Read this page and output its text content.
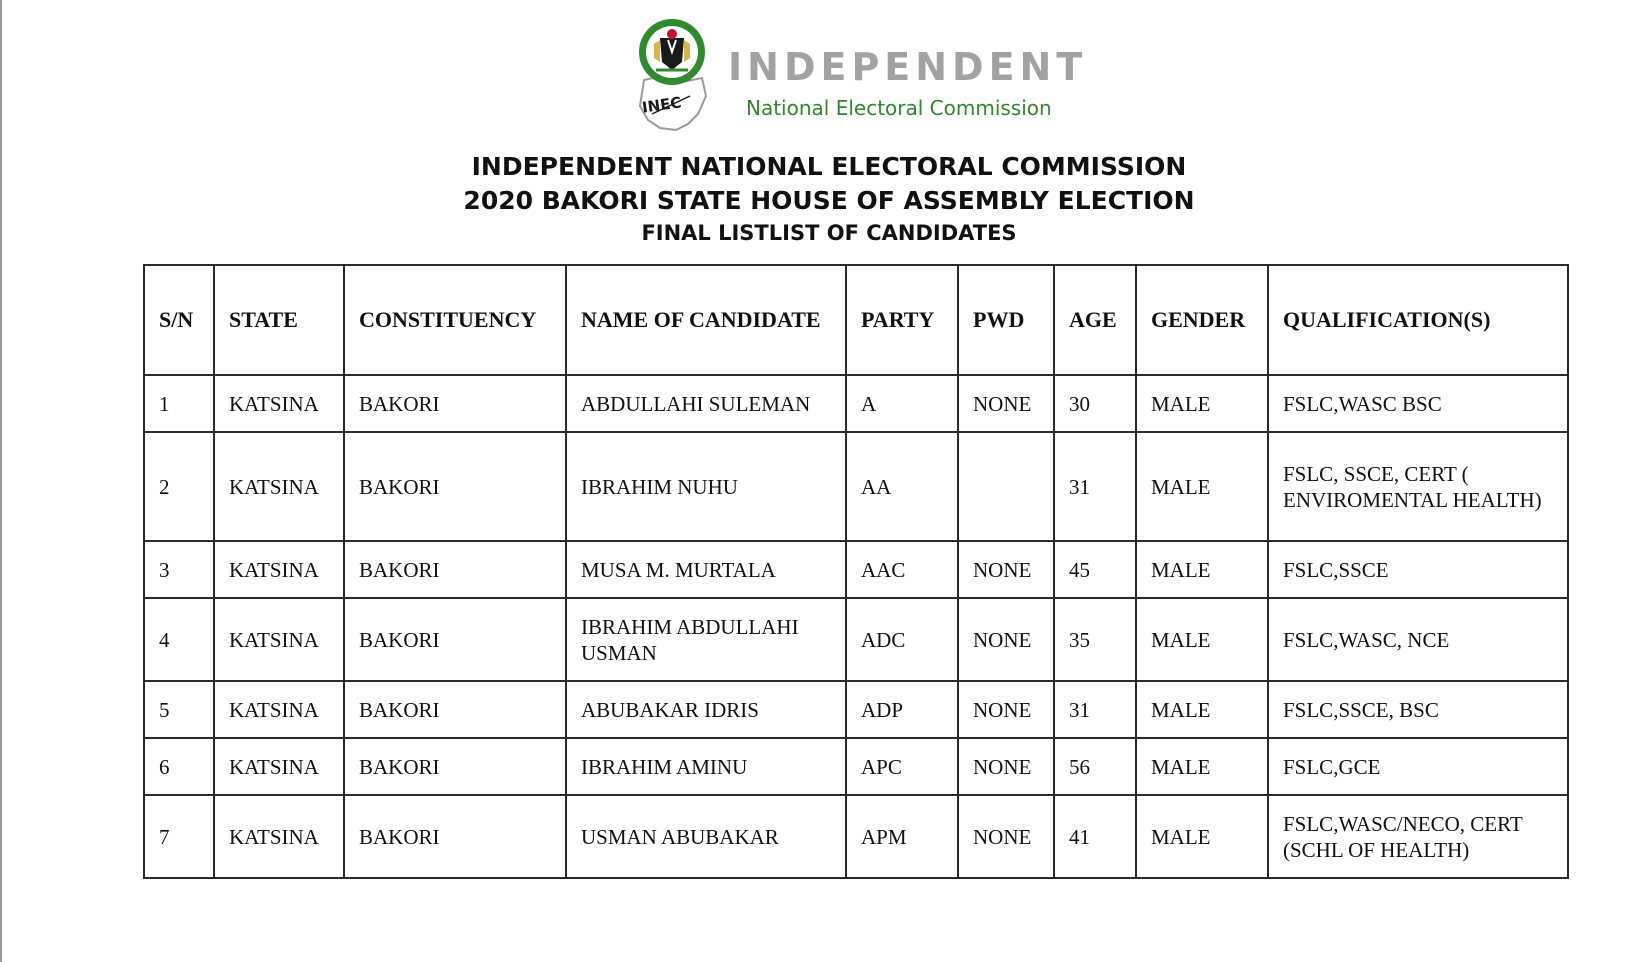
INEC
INDEPENDENT
National Electoral Commission
INDEPENDENT NATIONAL ELECTORAL COMMISSION
2020 BAKORI STATE HOUSE OF ASSEMBLY ELECTION
FINAL LISTLIST OF CANDIDATES
S/N	STATE	CONSTITUENCY	NAME OF CANDIDATE	PARTY	PWD	AGE	GENDER	QUALIFICATION(S)
1	KATSINA	BAKORI	ABDULLAHI SULEMAN	A	NONE	30	MALE	FSLC,WASC BSC
2	KATSINA	BAKORI	IBRAHIM NUHU	AA		31	MALE	FSLC, SSCE, CERT ( ENVIROMENTAL HEALTH)
3	KATSINA	BAKORI	MUSA M. MURTALA	AAC	NONE	45	MALE	FSLC,SSCE
4	KATSINA	BAKORI	IBRAHIM ABDULLAHI USMAN	ADC	NONE	35	MALE	FSLC,WASC, NCE
5	KATSINA	BAKORI	ABUBAKAR IDRIS	ADP	NONE	31	MALE	FSLC,SSCE, BSC
6	KATSINA	BAKORI	IBRAHIM AMINU	APC	NONE	56	MALE	FSLC,GCE
7	KATSINA	BAKORI	USMAN ABUBAKAR	APM	NONE	41	MALE	FSLC,WASC/NECO, CERT (SCHL OF HEALTH)
